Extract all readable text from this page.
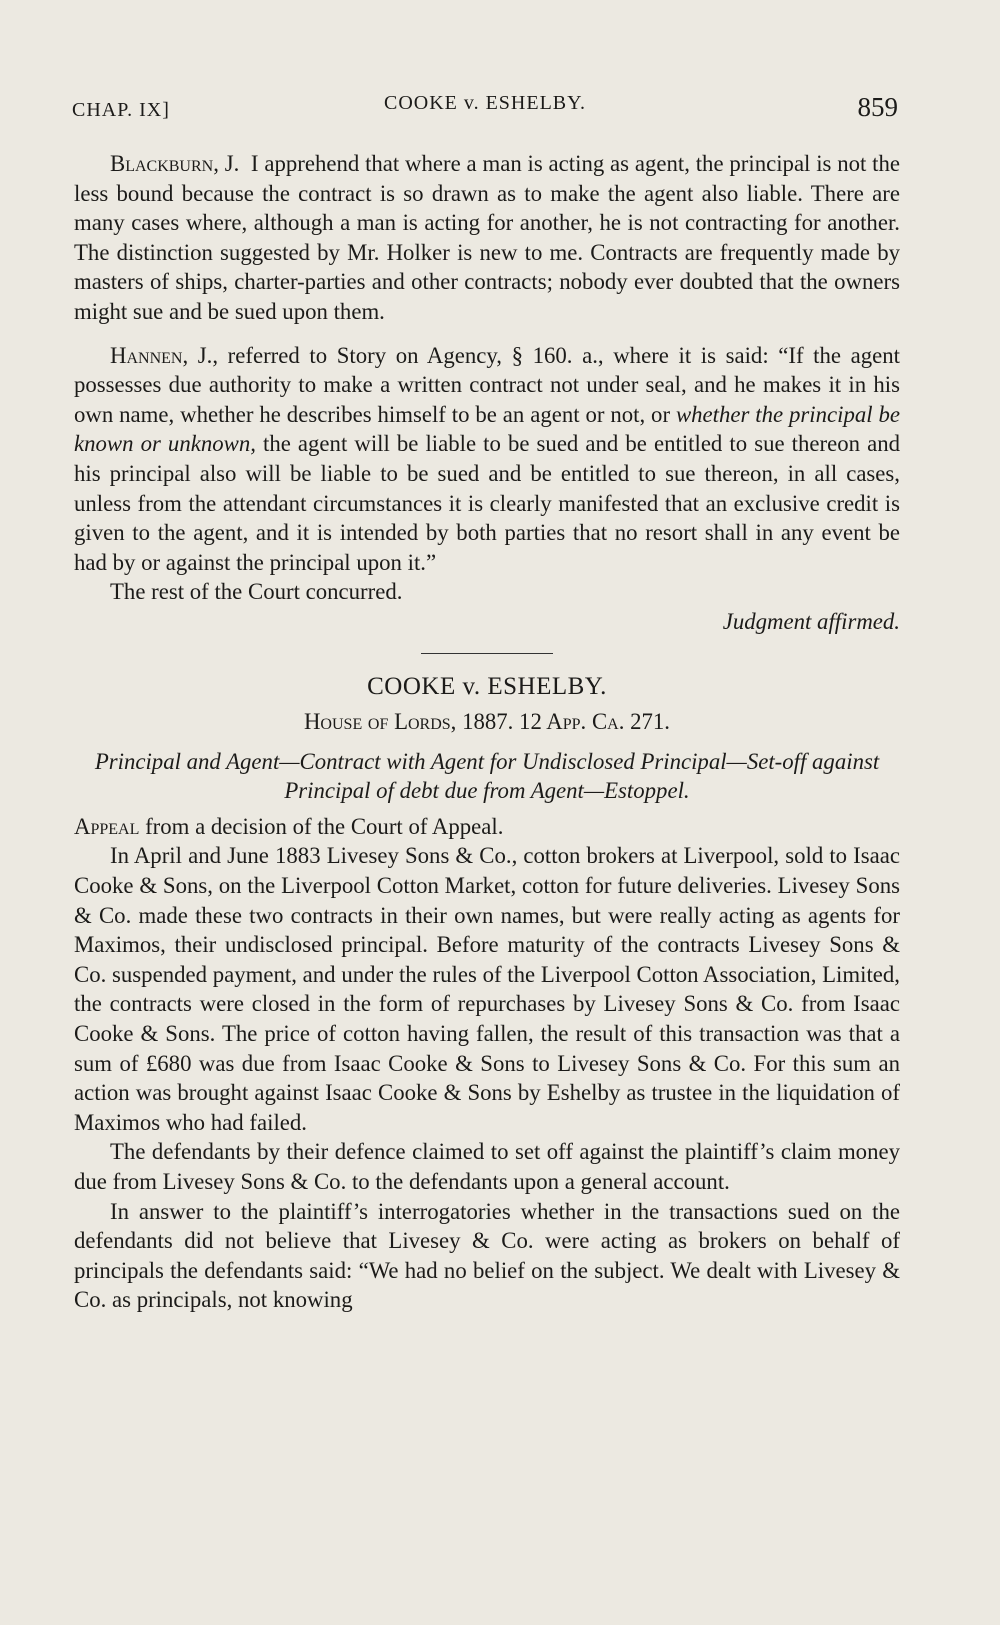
CHAP. IX]	COOKE v. ESHELBY.	859

Blackburn, J. I apprehend that where a man is acting as agent, the principal is not the less bound because the contract is so drawn as to make the agent also liable. There are many cases where, although a man is acting for another, he is not contracting for another. The distinction suggested by Mr. Holker is new to me. Contracts are frequently made by masters of ships, charter-parties and other contracts; nobody ever doubted that the owners might sue and be sued upon them.

Hannen, J., referred to Story on Agency, § 160. a., where it is said: “If the agent possesses due authority to make a written contract not under seal, and he makes it in his own name, whether he describes himself to be an agent or not, or whether the principal be known or unknown, the agent will be liable to be sued and be entitled to sue thereon and his principal also will be liable to be sued and be entitled to sue thereon, in all cases, unless from the attendant circumstances it is clearly manifested that an exclusive credit is given to the agent, and it is intended by both parties that no resort shall in any event be had by or against the principal upon it.”

The rest of the Court concurred.

Judgment affirmed.

COOKE v. ESHELBY.

House of Lords, 1887. 12 App. Ca. 271.

Principal and Agent—Contract with Agent for Undisclosed Principal—Set-off against Principal of debt due from Agent—Estoppel.

Appeal from a decision of the Court of Appeal.

In April and June 1883 Livesey Sons & Co., cotton brokers at Liverpool, sold to Isaac Cooke & Sons, on the Liverpool Cotton Market, cotton for future deliveries. Livesey Sons & Co. made these two contracts in their own names, but were really acting as agents for Maximos, their undisclosed principal. Before maturity of the contracts Livesey Sons & Co. suspended payment, and under the rules of the Liverpool Cotton Association, Limited, the contracts were closed in the form of repurchases by Livesey Sons & Co. from Isaac Cooke & Sons. The price of cotton having fallen, the result of this transaction was that a sum of £680 was due from Isaac Cooke & Sons to Livesey Sons & Co. For this sum an action was brought against Isaac Cooke & Sons by Eshelby as trustee in the liquidation of Maximos who had failed.

The defendants by their defence claimed to set off against the plaintiff’s claim money due from Livesey Sons & Co. to the defendants upon a general account.

In answer to the plaintiff’s interrogatories whether in the transactions sued on the defendants did not believe that Livesey & Co. were acting as brokers on behalf of principals the defendants said: “We had no belief on the subject. We dealt with Livesey & Co. as principals, not knowing
